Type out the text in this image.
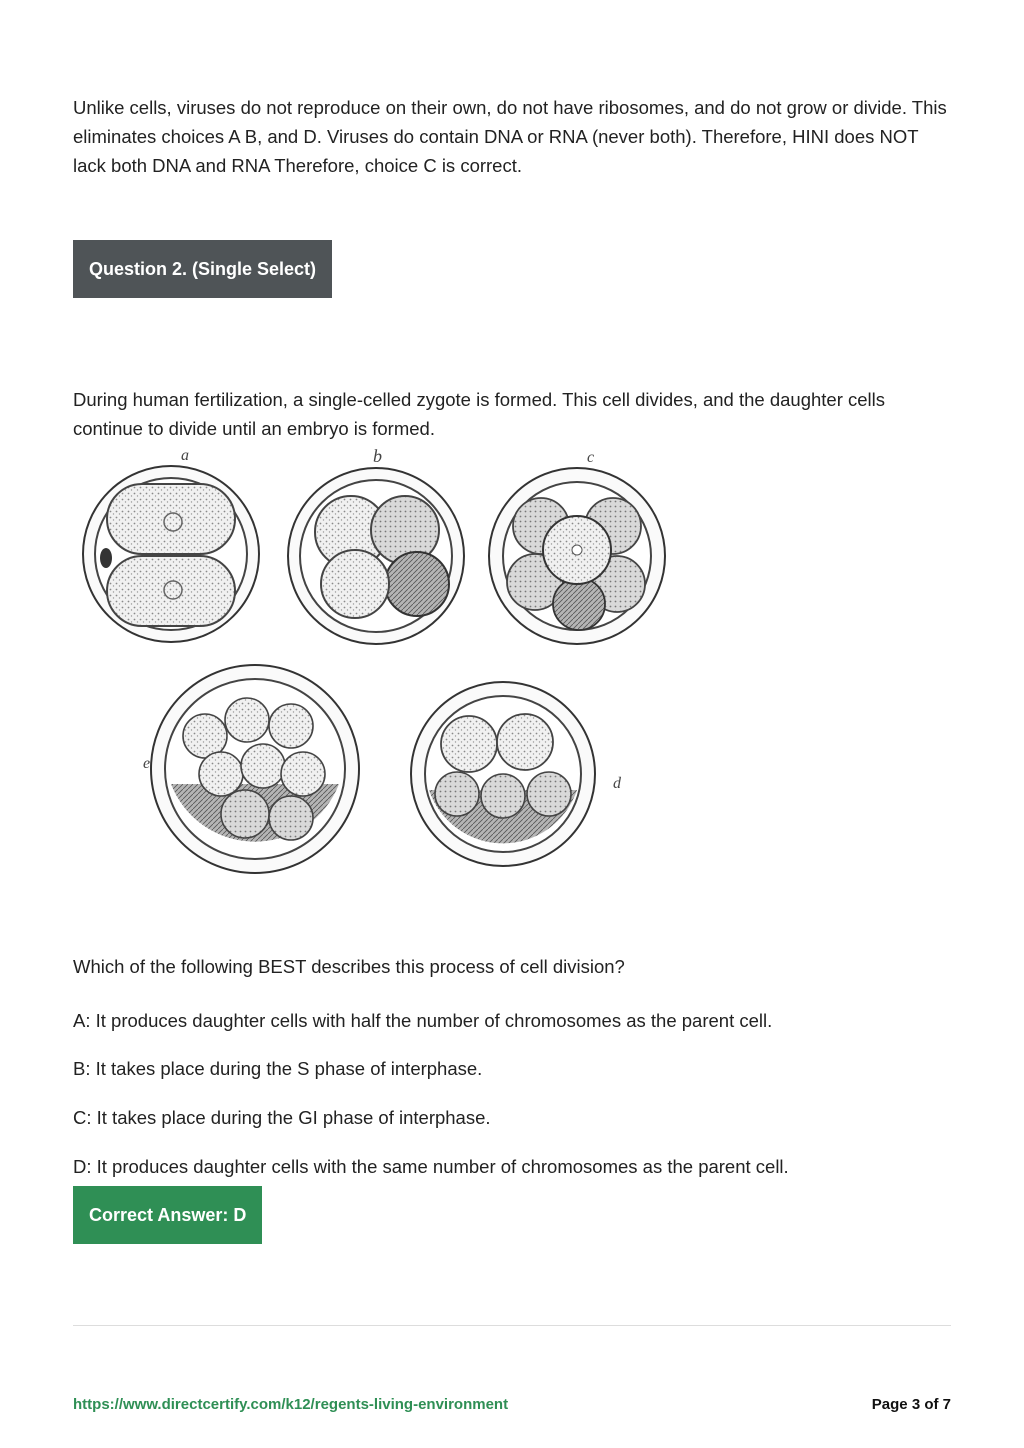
Unlike cells, viruses do not reproduce on their own, do not have ribosomes, and do not grow or divide. This eliminates choices A B, and D. Viruses do contain DNA or RNA (never both). Therefore, HINI does NOT lack both DNA and RNA Therefore, choice C is correct.

Question 2. (Single Select)

During human fertilization, a single-celled zygote is formed. This cell divides, and the daughter cells continue to divide until an embryo is formed.

a	b	c
e
d

Which of the following BEST describes this process of cell division?

A: It produces daughter cells with half the number of chromosomes as the parent cell.

B: It takes place during the S phase of interphase.

C: It takes place during the GI phase of interphase.

D: It produces daughter cells with the same number of chromosomes as the parent cell.

Correct Answer: D
https://www.directcertify.com/k12/regents-living-environment	Page 3 of 7
